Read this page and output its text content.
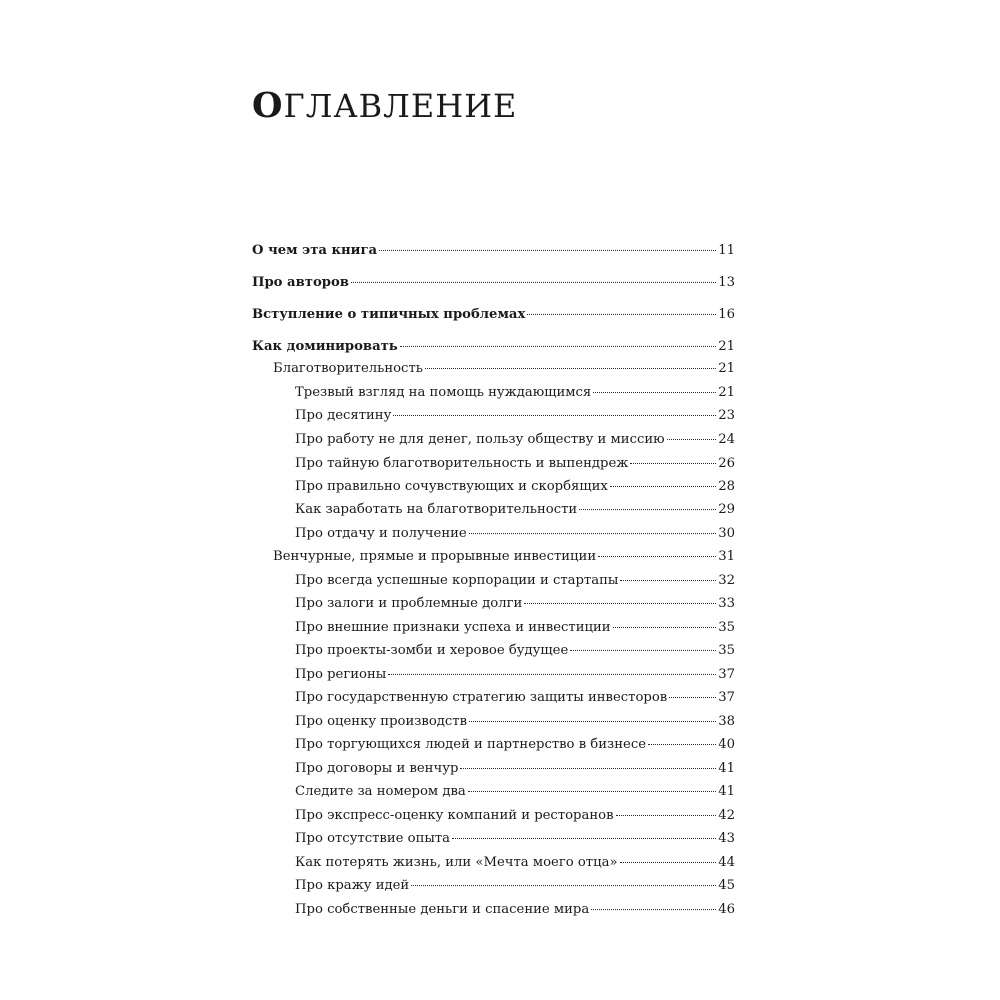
ОГЛАВЛЕНИЕ
О чем эта книга	11
Про авторов	13
Вступление о типичных проблемах	16
Как доминировать	21
Благотворительность	21
Трезвый взгляд на помощь нуждающимся	21
Про десятину	23
Про работу не для денег, пользу обществу и миссию	24
Про тайную благотворительность и выпендреж	26
Про правильно сочувствующих и скорбящих	28
Как заработать на благотворительности	29
Про отдачу и получение	30
Венчурные, прямые и прорывные инвестиции	31
Про всегда успешные корпорации и стартапы	32
Про залоги и проблемные долги	33
Про внешние признаки успеха и инвестиции	35
Про проекты-зомби и херовое будущее	35
Про регионы	37
Про государственную стратегию защиты инвесторов	37
Про оценку производств	38
Про торгующихся людей и партнерство в бизнесе	40
Про договоры и венчур	41
Следите за номером два	41
Про экспресс-оценку компаний и ресторанов	42
Про отсутствие опыта	43
Как потерять жизнь, или «Мечта моего отца»	44
Про кражу идей	45
Про собственные деньги и спасение мира	46
